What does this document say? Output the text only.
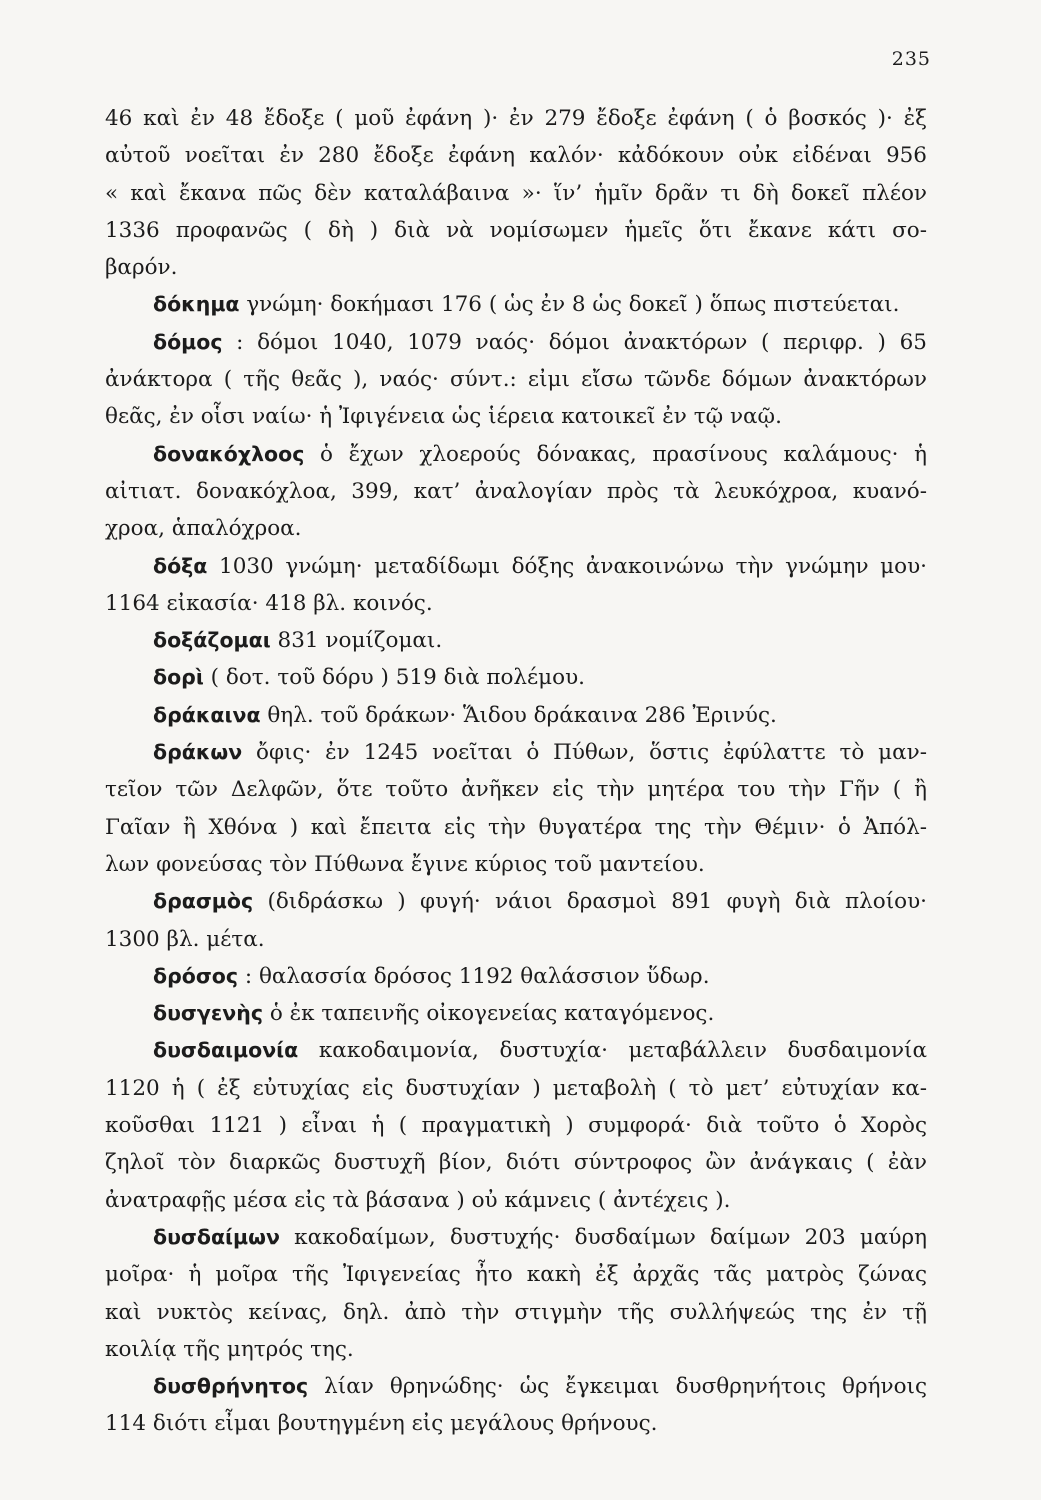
235
46 καὶ ἐν 48 ἔδοξε ( μοῦ ἐφάνη )· ἐν 279 ἔδοξε ἐφάνη ( ὁ βοσκός )· ἐξ
αὐτοῦ νοεῖται ἐν 280 ἔδοξε ἐφάνη καλόν· κἀδόκουν οὐκ εἰδέναι 956
« καὶ ἔκανα πῶς δὲν καταλάβαινα »· ἵν’ ἡμῖν δρᾶν τι δὴ δοκεῖ πλέον
1336 προφανῶς ( δὴ ) διὰ νὰ νομίσωμεν ἡμεῖς ὅτι ἔκανε κάτι σο-
βαρόν.
δόκημα γνώμη· δοκήμασι 176 ( ὡς ἐν 8 ὡς δοκεῖ ) ὅπως πιστεύεται.
δόμος : δόμοι 1040, 1079 ναός· δόμοι ἀνακτόρων ( περιφρ. ) 65
ἀνάκτορα ( τῆς θεᾶς ), ναός· σύντ.: εἰμι εἴσω τῶνδε δόμων ἀνακτόρων
θεᾶς, ἐν οἷσι ναίω· ἡ Ἰφιγένεια ὡς ἱέρεια κατοικεῖ ἐν τῷ ναῷ.
δονακόχλοος ὁ ἔχων χλοερούς δόνακας, πρασίνους καλάμους· ἡ
αἰτιατ. δονακόχλοα, 399, κατ’ ἀναλογίαν πρὸς τὰ λευκόχροα, κυανό-
χροα, ἁπαλόχροα.
δόξα 1030 γνώμη· μεταδίδωμι δόξης ἀνακοινώνω τὴν γνώμην μου·
1164 εἰκασία· 418 βλ. κοινός.
δοξάζομαι 831 νομίζομαι.
δορὶ ( δοτ. τοῦ δόρυ ) 519 διὰ πολέμου.
δράκαινα θηλ. τοῦ δράκων· Ἅιδου δράκαινα 286 Ἐρινύς.
δράκων ὄφις· ἐν 1245 νοεῖται ὁ Πύθων, ὅστις ἐφύλαττε τὸ μαν-
τεῖον τῶν Δελφῶν, ὅτε τοῦτο ἀνῆκεν εἰς τὴν μητέρα του τὴν Γῆν ( ἢ
Γαῖαν ἢ Χθόνα ) καὶ ἔπειτα εἰς τὴν θυγατέρα της τὴν Θέμιν· ὁ Ἀπόλ-
λων φονεύσας τὸν Πύθωνα ἔγινε κύριος τοῦ μαντείου.
δρασμὸς (διδράσκω ) φυγή· νάιοι δρασμοὶ 891 φυγὴ διὰ πλοίου·
1300 βλ. μέτα.
δρόσος : θαλασσία δρόσος 1192 θαλάσσιον ὕδωρ.
δυσγενὴς ὁ ἐκ ταπεινῆς οἰκογενείας καταγόμενος.
δυσδαιμονία κακοδαιμονία, δυστυχία· μεταβάλλειν δυσδαιμονία
1120 ἡ ( ἐξ εὐτυχίας εἰς δυστυχίαν ) μεταβολὴ ( τὸ μετ’ εὐτυχίαν κα-
κοῦσθαι 1121 ) εἶναι ἡ ( πραγματικὴ ) συμφορά· διὰ τοῦτο ὁ Χορὸς
ζηλοῖ τὸν διαρκῶς δυστυχῆ βίον, διότι σύντροφος ὢν ἀνάγκαις ( ἐὰν
ἀνατραφῇς μέσα εἰς τὰ βάσανα ) οὐ κάμνεις ( ἀντέχεις ).
δυσδαίμων κακοδαίμων, δυστυχής· δυσδαίμων δαίμων 203 μαύρη
μοῖρα· ἡ μοῖρα τῆς Ἰφιγενείας ἦτο κακὴ ἐξ ἀρχᾶς τᾶς ματρὸς ζώνας
καὶ νυκτὸς κείνας, δηλ. ἀπὸ τὴν στιγμὴν τῆς συλλήψεώς της ἐν τῇ
κοιλίᾳ τῆς μητρός της.
δυσθρήνητος λίαν θρηνώδης· ὡς ἔγκειμαι δυσθρηνήτοις θρήνοις
114 διότι εἶμαι βουτηγμένη εἰς μεγάλους θρήνους.
